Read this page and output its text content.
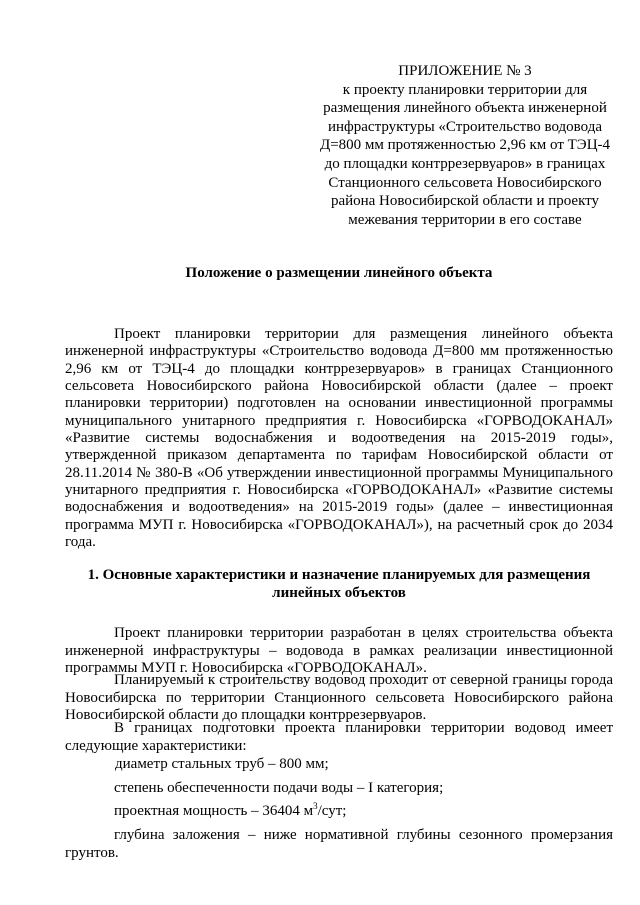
ПРИЛОЖЕНИЕ № 3
к проекту планировки территории для размещения линейного объекта инженерной инфраструктуры «Строительство водовода Д=800 мм протяженностью 2,96 км от ТЭЦ-4 до площадки контррезервуаров» в границах Станционного сельсовета Новосибирского района Новосибирской области и проекту межевания территории в его составе
Положение о размещении линейного объекта

Проект планировки территории для размещения линейного объекта инженерной инфраструктуры «Строительство водовода Д=800 мм протяженностью 2,96 км от ТЭЦ-4 до площадки контррезервуаров» в границах Станционного сельсовета Новосибирского района Новосибирской области (далее – проект планировки территории) подготовлен на основании инвестиционной программы муниципального унитарного предприятия г. Новосибирска «ГОРВОДОКАНАЛ» «Развитие системы водоснабжения и водоотведения на 2015-2019 годы», утвержденной приказом департамента по тарифам Новосибирской области от 28.11.2014 № 380-В «Об утверждении инвестиционной программы Муниципального унитарного предприятия г. Новосибирска «ГОРВОДОКАНАЛ» «Развитие системы водоснабжения и водоотведения» на 2015-2019 годы» (далее – инвестиционная программа МУП г. Новосибирска «ГОРВОДОКАНАЛ»), на расчетный срок до 2034 года.

1. Основные характеристики и назначение планируемых для размещения линейных объектов

Проект планировки территории разработан в целях строительства объекта инженерной инфраструктуры – водовода в рамках реализации инвестиционной программы МУП г. Новосибирска «ГОРВОДОКАНАЛ».

Планируемый к строительству водовод проходит от северной границы города Новосибирска по территории Станционного сельсовета Новосибирского района Новосибирской области до площадки контррезервуаров.

В границах подготовки проекта планировки территории водовод имеет следующие характеристики:

диаметр стальных труб – 800 мм;

степень обеспеченности подачи воды – I категория;

проектная мощность – 36404 $м^3$/сут;

глубина заложения – ниже нормативной глубины сезонного промерзания грунтов.
